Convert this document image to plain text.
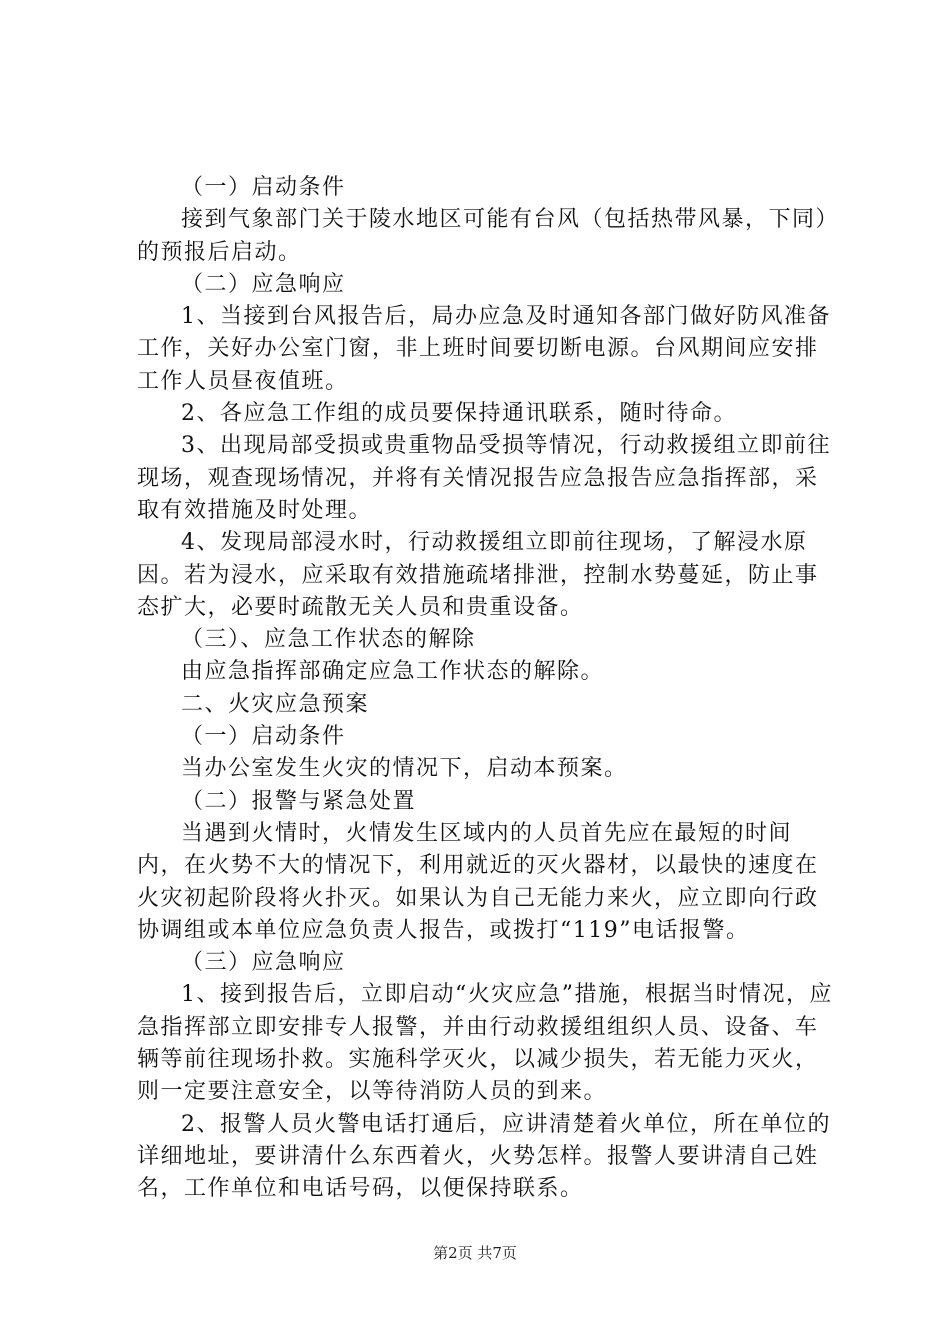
（一）启动条件

接到气象部门关于陵水地区可能有台风（包括热带风暴，下同）的预报后启动。

（二）应急响应

1、当接到台风报告后，局办应急及时通知各部门做好防风准备工作，关好办公室门窗，非上班时间要切断电源。台风期间应安排工作人员昼夜值班。

2、各应急工作组的成员要保持通讯联系，随时待命。

3、出现局部受损或贵重物品受损等情况，行动救援组立即前往现场，观查现场情况，并将有关情况报告应急报告应急指挥部，采取有效措施及时处理。

4、发现局部浸水时，行动救援组立即前往现场，了解浸水原因。若为浸水，应采取有效措施疏堵排泄，控制水势蔓延，防止事态扩大，必要时疏散无关人员和贵重设备。

（三）、应急工作状态的解除

由应急指挥部确定应急工作状态的解除。

二、火灾应急预案

（一）启动条件

当办公室发生火灾的情况下，启动本预案。

（二）报警与紧急处置

当遇到火情时，火情发生区域内的人员首先应在最短的时间内，在火势不大的情况下，利用就近的灭火器材，以最快的速度在火灾初起阶段将火扑灭。如果认为自己无能力来火，应立即向行政协调组或本单位应急负责人报告，或拨打“119”电话报警。

（三）应急响应

1、接到报告后，立即启动“火灾应急”措施，根据当时情况，应急指挥部立即安排专人报警，并由行动救援组组织人员、设备、车辆等前往现场扑救。实施科学灭火，以减少损失，若无能力灭火，则一定要注意安全，以等待消防人员的到来。

2、报警人员火警电话打通后，应讲清楚着火单位，所在单位的详细地址，要讲清什么东西着火，火势怎样。报警人要讲清自己姓名，工作单位和电话号码，以便保持联系。

第2页 共7页
